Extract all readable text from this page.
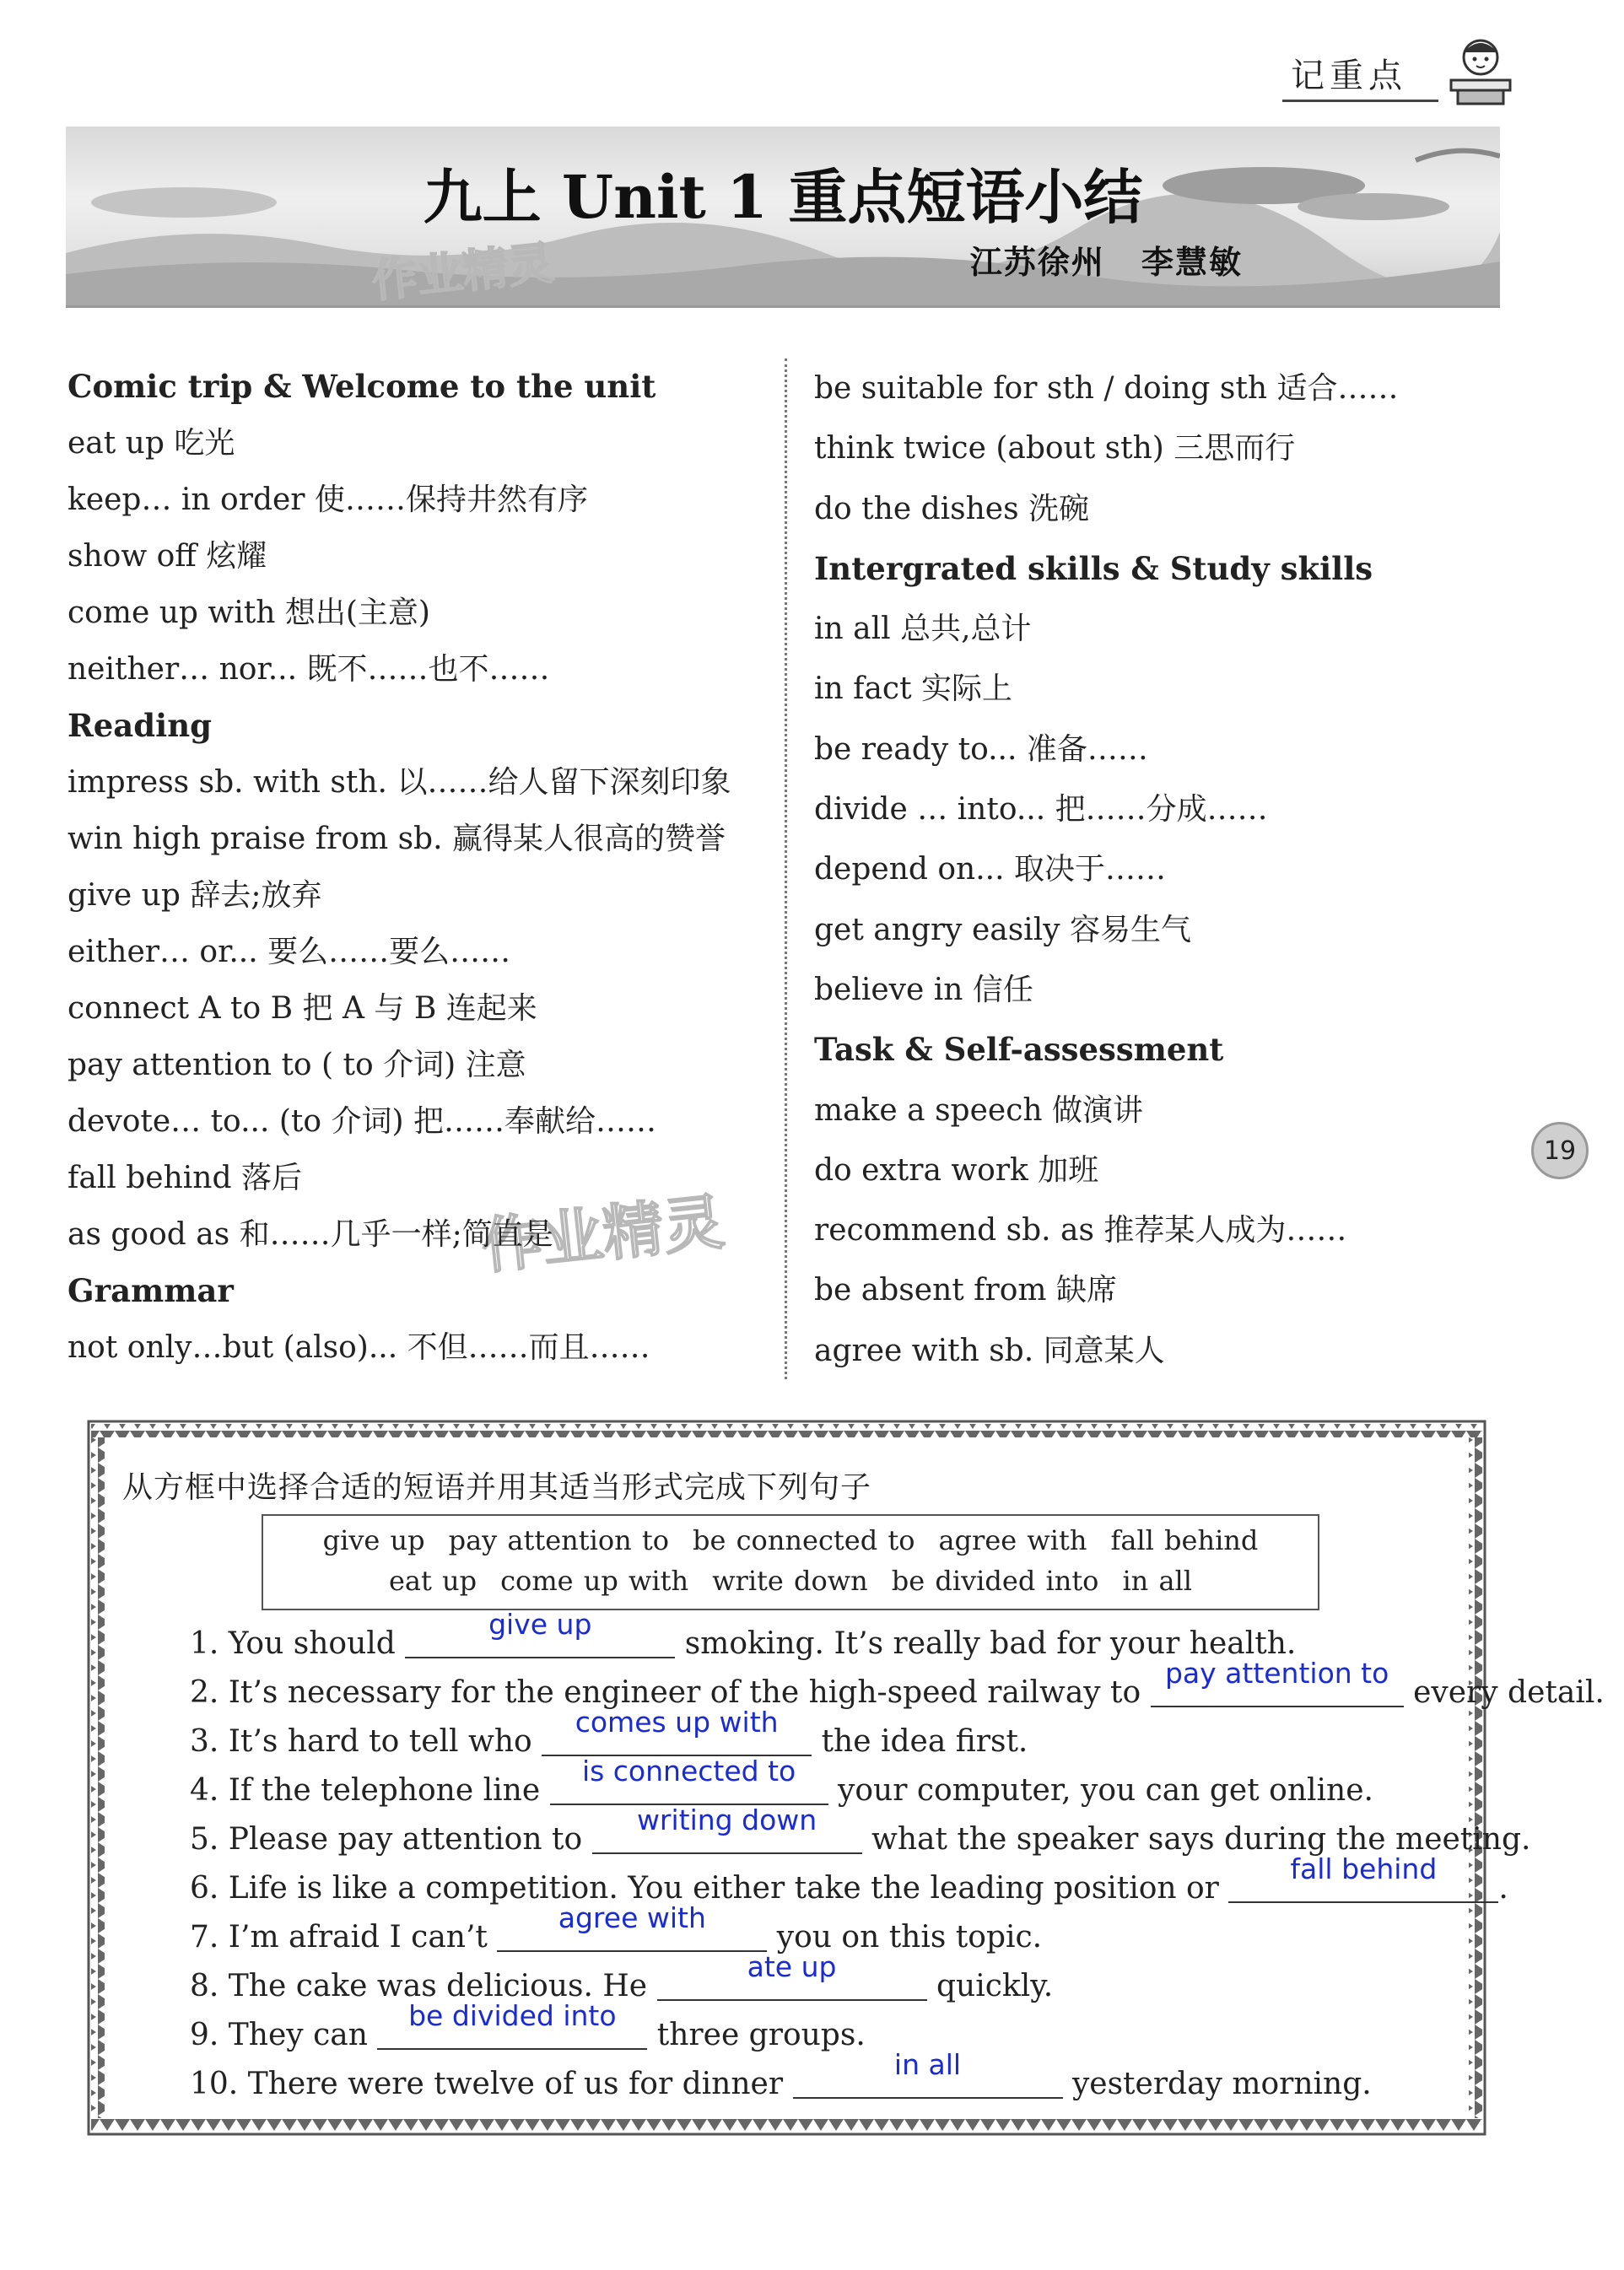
记重点
九上 Unit 1 重点短语小结
江苏徐州 李慧敏
作业精灵
作业精灵
Comic trip & Welcome to the unit
eat up 吃光
keep… in order 使……保持井然有序
show off 炫耀
come up with 想出(主意)
neither… nor... 既不……也不……
Reading
impress sb. with sth. 以……给人留下深刻印象
win high praise from sb. 赢得某人很高的赞誉
give up 辞去;放弃
either… or... 要么……要么……
connect A to B 把 A 与 B 连起来
pay attention to ( to 介词) 注意
devote… to... (to 介词) 把……奉献给……
fall behind 落后
as good as 和……几乎一样;简直是
Grammar
not only…but (also)... 不但……而且……
be suitable for sth / doing sth 适合……
think twice (about sth) 三思而行
do the dishes 洗碗
Intergrated skills & Study skills
in all 总共,总计
in fact 实际上
be ready to... 准备……
divide … into... 把……分成……
depend on... 取决于……
get angry easily 容易生气
believe in 信任
Task & Self-assessment
make a speech 做演讲
do extra work 加班
recommend sb. as 推荐某人成为……
be absent from 缺席
agree with sb. 同意某人
19
从方框中选择合适的短语并用其适当形式完成下列句子
give up pay attention to be connected to agree with fall behind
eat up come up with write down be divided into in all
1. You should
give up
smoking. It’s really bad for your health.
2. It’s necessary for the engineer of the high-speed railway to
pay attention to
every detail.
3. It’s hard to tell who
comes up with
the idea first.
4. If the telephone line
is connected to
your computer, you can get online.
5. Please pay attention to
writing down
what the speaker says during the meeting.
6. Life is like a competition. You either take the leading position or
fall behind
.
7. I’m afraid I can’t
agree with
you on this topic.
8. The cake was delicious. He
ate up
quickly.
9. They can
be divided into
three groups.
10. There were twelve of us for dinner
in all
yesterday morning.
